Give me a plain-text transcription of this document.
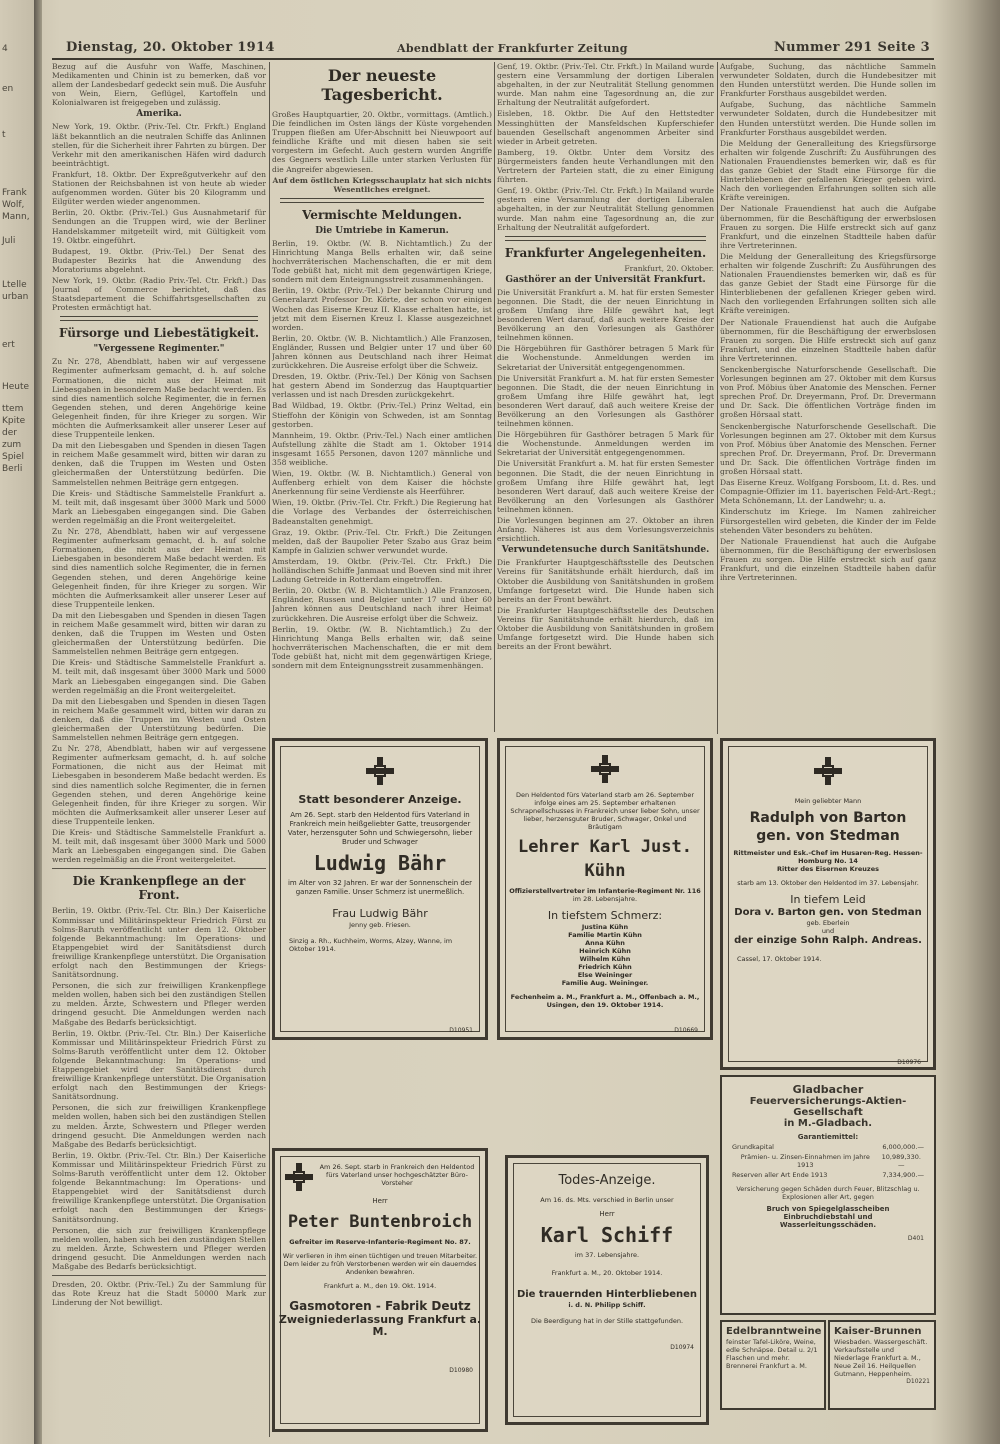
4
en
t
Frank
Wolf,
Mann,
Juli
Ltelle
urban
ert
Heute
ttem
Kpite
der
zum
Spiel
Berli
Dienstag, 20. Oktober 1914	Abendblatt der Frankfurter Zeitung	Nummer 291 Seite 3

Bezug auf die Ausfuhr von Waffe, Maschinen, Medikamenten und Chinin ist zu bemerken, daß vor allem der Landesbedarf gedeckt sein muß. Die Ausfuhr von Wein, Eiern, Geflügel, Kartoffeln und Kolonialwaren ist freigegeben und zulässig.

Amerika.

New York, 19. Oktbr. (Priv.-Tel. Ctr. Frkft.) England läßt bekanntlich an die neutralen Schiffe das Anlinnen stellen, für die Sicherheit ihrer Fahrten zu bürgen. Der Verkehr mit den amerikanischen Häfen wird dadurch beeinträchtigt.

Frankfurt, 18. Oktbr. Der Expreßgutverkehr auf den Stationen der Reichsbahnen ist von heute ab wieder aufgenommen worden. Güter bis 20 Kilogramm und Eilgüter werden wieder angenommen.

Berlin, 20. Oktbr. (Priv.-Tel.) Gus Ausnahmetarif für Sendungen an die Truppen wird, wie der Berliner Handelskammer mitgeteilt wird, mit Gültigkeit vom 19. Oktbr. eingeführt.

Budapest, 19. Oktbr. (Priv.-Tel.) Der Senat des Budapester Bezirks hat die Anwendung des Moratoriums abgelehnt.

New York, 19. Oktbr. (Radio Priv.-Tel. Ctr. Frkft.) Das Journal of Commerce berichtet, daß das Staatsdepartement die Schiffahrtsgesellschaften zu Protesten ermächtigt hat.

Fürsorge und Liebestätigkeit.
"Vergessene Regimenter."

Zu Nr. 278, Abendblatt, haben wir auf vergessene Regimenter aufmerksam gemacht, d. h. auf solche Formationen, die nicht aus der Heimat mit Liebesgaben in besonderem Maße bedacht werden. Es sind dies namentlich solche Regimenter, die in fernen Gegenden stehen, und deren Angehörige keine Gelegenheit finden, für ihre Krieger zu sorgen. Wir möchten die Aufmerksamkeit aller unserer Leser auf diese Truppenteile lenken.

Da mit den Liebesgaben und Spenden in diesen Tagen in reichem Maße gesammelt wird, bitten wir daran zu denken, daß die Truppen im Westen und Osten gleichermaßen der Unterstützung bedürfen. Die Sammelstellen nehmen Beiträge gern entgegen.

Die Kreis- und Städtische Sammelstelle Frankfurt a. M. teilt mit, daß insgesamt über 3000 Mark und 5000 Mark an Liebesgaben eingegangen sind. Die Gaben werden regelmäßig an die Front weitergeleitet.

Zu Nr. 278, Abendblatt, haben wir auf vergessene Regimenter aufmerksam gemacht, d. h. auf solche Formationen, die nicht aus der Heimat mit Liebesgaben in besonderem Maße bedacht werden. Es sind dies namentlich solche Regimenter, die in fernen Gegenden stehen, und deren Angehörige keine Gelegenheit finden, für ihre Krieger zu sorgen. Wir möchten die Aufmerksamkeit aller unserer Leser auf diese Truppenteile lenken.

Da mit den Liebesgaben und Spenden in diesen Tagen in reichem Maße gesammelt wird, bitten wir daran zu denken, daß die Truppen im Westen und Osten gleichermaßen der Unterstützung bedürfen. Die Sammelstellen nehmen Beiträge gern entgegen.

Die Kreis- und Städtische Sammelstelle Frankfurt a. M. teilt mit, daß insgesamt über 3000 Mark und 5000 Mark an Liebesgaben eingegangen sind. Die Gaben werden regelmäßig an die Front weitergeleitet.

Da mit den Liebesgaben und Spenden in diesen Tagen in reichem Maße gesammelt wird, bitten wir daran zu denken, daß die Truppen im Westen und Osten gleichermaßen der Unterstützung bedürfen. Die Sammelstellen nehmen Beiträge gern entgegen.

Zu Nr. 278, Abendblatt, haben wir auf vergessene Regimenter aufmerksam gemacht, d. h. auf solche Formationen, die nicht aus der Heimat mit Liebesgaben in besonderem Maße bedacht werden. Es sind dies namentlich solche Regimenter, die in fernen Gegenden stehen, und deren Angehörige keine Gelegenheit finden, für ihre Krieger zu sorgen. Wir möchten die Aufmerksamkeit aller unserer Leser auf diese Truppenteile lenken.

Die Kreis- und Städtische Sammelstelle Frankfurt a. M. teilt mit, daß insgesamt über 3000 Mark und 5000 Mark an Liebesgaben eingegangen sind. Die Gaben werden regelmäßig an die Front weitergeleitet.

Die Krankenpflege an der Front.

Berlin, 19. Oktbr. (Priv.-Tel. Ctr. Bln.) Der Kaiserliche Kommissar und Militärinspekteur Friedrich Fürst zu Solms-Baruth veröffentlicht unter dem 12. Oktober folgende Bekanntmachung: Im Operations- und Etappengebiet wird der Sanitätsdienst durch freiwillige Krankenpflege unterstützt. Die Organisation erfolgt nach den Bestimmungen der Kriegs-Sanitätsordnung.

Personen, die sich zur freiwilligen Krankenpflege melden wollen, haben sich bei den zuständigen Stellen zu melden. Ärzte, Schwestern und Pfleger werden dringend gesucht. Die Anmeldungen werden nach Maßgabe des Bedarfs berücksichtigt.

Berlin, 19. Oktbr. (Priv.-Tel. Ctr. Bln.) Der Kaiserliche Kommissar und Militärinspekteur Friedrich Fürst zu Solms-Baruth veröffentlicht unter dem 12. Oktober folgende Bekanntmachung: Im Operations- und Etappengebiet wird der Sanitätsdienst durch freiwillige Krankenpflege unterstützt. Die Organisation erfolgt nach den Bestimmungen der Kriegs-Sanitätsordnung.

Personen, die sich zur freiwilligen Krankenpflege melden wollen, haben sich bei den zuständigen Stellen zu melden. Ärzte, Schwestern und Pfleger werden dringend gesucht. Die Anmeldungen werden nach Maßgabe des Bedarfs berücksichtigt.

Berlin, 19. Oktbr. (Priv.-Tel. Ctr. Bln.) Der Kaiserliche Kommissar und Militärinspekteur Friedrich Fürst zu Solms-Baruth veröffentlicht unter dem 12. Oktober folgende Bekanntmachung: Im Operations- und Etappengebiet wird der Sanitätsdienst durch freiwillige Krankenpflege unterstützt. Die Organisation erfolgt nach den Bestimmungen der Kriegs-Sanitätsordnung.

Personen, die sich zur freiwilligen Krankenpflege melden wollen, haben sich bei den zuständigen Stellen zu melden. Ärzte, Schwestern und Pfleger werden dringend gesucht. Die Anmeldungen werden nach Maßgabe des Bedarfs berücksichtigt.

Dresden, 20. Oktbr. (Priv.-Tel.) Zu der Sammlung für das Rote Kreuz hat die Stadt 50000 Mark zur Linderung der Not bewilligt.

Der neueste Tagesbericht.

Großes Hauptquartier, 20. Oktbr., vormittags. (Amtlich.) Die feindlichen im Osten längs der Küste vorgehenden Truppen fließen am Ufer-Abschnitt bei Nieuwpoort auf feindliche Kräfte und mit diesen haben sie seit vorgestern im Gefecht. Auch gestern wurden Angriffe des Gegners westlich Lille unter starken Verlusten für die Angreifer abgewiesen.

Auf dem östlichen Kriegsschauplatz hat sich nichts Wesentliches ereignet.

Vermischte Meldungen.
Die Umtriebe in Kamerun.

Berlin, 19. Oktbr. (W. B. Nichtamtlich.) Zu der Hinrichtung Manga Bells erhalten wir, daß seine hochverräterischen Machenschaften, die er mit dem Tode gebüßt hat, nicht mit dem gegenwärtigen Kriege, sondern mit dem Enteignungsstreit zusammenhängen.

Berlin, 19. Oktbr. (Priv.-Tel.) Der bekannte Chirurg und Generalarzt Professor Dr. Körte, der schon vor einigen Wochen das Eiserne Kreuz II. Klasse erhalten hatte, ist jetzt mit dem Eisernen Kreuz I. Klasse ausgezeichnet worden.

Berlin, 20. Oktbr. (W. B. Nichtamtlich.) Alle Franzosen, Engländer, Russen und Belgier unter 17 und über 60 Jahren können aus Deutschland nach ihrer Heimat zurückkehren. Die Ausreise erfolgt über die Schweiz.

Dresden, 19. Oktbr. (Priv.-Tel.) Der König von Sachsen hat gestern Abend im Sonderzug das Hauptquartier verlassen und ist nach Dresden zurückgekehrt.

Bad Wildbad, 19. Oktbr. (Priv.-Tel.) Prinz Weltad, ein Stieffohn der Königin von Schweden, ist am Sonntag gestorben.

Mannheim, 19. Oktbr. (Priv.-Tel.) Nach einer amtlichen Aufstellung zählte die Stadt am 1. Oktober 1914 insgesamt 1655 Personen, davon 1207 männliche und 358 weibliche.

Wien, 19. Oktbr. (W. B. Nichtamtlich.) General von Auffenberg erhielt von dem Kaiser die höchste Anerkennung für seine Verdienste als Heerführer.

Wien, 19. Oktbr. (Priv.-Tel. Ctr. Frkft.) Die Regierung hat die Vorlage des Verbandes der österreichischen Badeanstalten genehmigt.

Graz, 19. Oktbr. (Priv.-Tel. Ctr. Frkft.) Die Zeitungen melden, daß der Baupolier Peter Szabo aus Graz beim Kampfe in Galizien schwer verwundet wurde.

Amsterdam, 19. Oktbr. (Priv.-Tel. Ctr. Frkft.) Die holländischen Schiffe Janmaat und Boeven sind mit ihrer Ladung Getreide in Rotterdam eingetroffen.

Berlin, 20. Oktbr. (W. B. Nichtamtlich.) Alle Franzosen, Engländer, Russen und Belgier unter 17 und über 60 Jahren können aus Deutschland nach ihrer Heimat zurückkehren. Die Ausreise erfolgt über die Schweiz.

Berlin, 19. Oktbr. (W. B. Nichtamtlich.) Zu der Hinrichtung Manga Bells erhalten wir, daß seine hochverräterischen Machenschaften, die er mit dem Tode gebüßt hat, nicht mit dem gegenwärtigen Kriege, sondern mit dem Enteignungsstreit zusammenhängen.

Genf, 19. Oktbr. (Priv.-Tel. Ctr. Frkft.) In Mailand wurde gestern eine Versammlung der dortigen Liberalen abgehalten, in der zur Neutralität Stellung genommen wurde. Man nahm eine Tagesordnung an, die zur Erhaltung der Neutralität aufgefordert.

Eisleben, 18. Oktbr. Die Auf den Hettstedter Messinghütten der Mansfeldschen Kupferschiefer bauenden Gesellschaft angenommen Arbeiter sind wieder in Arbeit getreten.

Bamberg, 19. Oktbr. Unter dem Vorsitz des Bürgermeisters fanden heute Verhandlungen mit den Vertretern der Parteien statt, die zu einer Einigung führten.

Genf, 19. Oktbr. (Priv.-Tel. Ctr. Frkft.) In Mailand wurde gestern eine Versammlung der dortigen Liberalen abgehalten, in der zur Neutralität Stellung genommen wurde. Man nahm eine Tagesordnung an, die zur Erhaltung der Neutralität aufgefordert.

Frankfurter Angelegenheiten.
Frankfurt, 20. Oktober.
Gasthörer an der Universität Frankfurt.

Die Universität Frankfurt a. M. hat für ersten Semester begonnen. Die Stadt, die der neuen Einrichtung in großem Umfang ihre Hilfe gewährt hat, legt besonderen Wert darauf, daß auch weitere Kreise der Bevölkerung an den Vorlesungen als Gasthörer teilnehmen können.

Die Hörgebühren für Gasthörer betragen 5 Mark für die Wochenstunde. Anmeldungen werden im Sekretariat der Universität entgegengenommen.

Die Universität Frankfurt a. M. hat für ersten Semester begonnen. Die Stadt, die der neuen Einrichtung in großem Umfang ihre Hilfe gewährt hat, legt besonderen Wert darauf, daß auch weitere Kreise der Bevölkerung an den Vorlesungen als Gasthörer teilnehmen können.

Die Hörgebühren für Gasthörer betragen 5 Mark für die Wochenstunde. Anmeldungen werden im Sekretariat der Universität entgegengenommen.

Die Universität Frankfurt a. M. hat für ersten Semester begonnen. Die Stadt, die der neuen Einrichtung in großem Umfang ihre Hilfe gewährt hat, legt besonderen Wert darauf, daß auch weitere Kreise der Bevölkerung an den Vorlesungen als Gasthörer teilnehmen können.

Die Vorlesungen beginnen am 27. Oktober an ihren Anfang. Näheres ist aus dem Vorlesungsverzeichnis ersichtlich.

Verwundetensuche durch Sanitätshunde.

Die Frankfurter Hauptgeschäftsstelle des Deutschen Vereins für Sanitätshunde erhält hierdurch, daß im Oktober die Ausbildung von Sanitätshunden in großem Umfange fortgesetzt wird. Die Hunde haben sich bereits an der Front bewährt.

Die Frankfurter Hauptgeschäftsstelle des Deutschen Vereins für Sanitätshunde erhält hierdurch, daß im Oktober die Ausbildung von Sanitätshunden in großem Umfange fortgesetzt wird. Die Hunde haben sich bereits an der Front bewährt.

Aufgabe, Suchung, das nächtliche Sammeln verwundeter Soldaten, durch die Hundebesitzer mit den Hunden unterstützt werden. Die Hunde sollen im Frankfurter Forsthaus ausgebildet werden.

Aufgabe, Suchung, das nächtliche Sammeln verwundeter Soldaten, durch die Hundebesitzer mit den Hunden unterstützt werden. Die Hunde sollen im Frankfurter Forsthaus ausgebildet werden.

Die Meldung der Generalleitung des Kriegsfürsorge erhalten wir folgende Zuschrift: Zu Ausführungen des Nationalen Frauendienstes bemerken wir, daß es für das ganze Gebiet der Stadt eine Fürsorge für die Hinterbliebenen der gefallenen Krieger geben wird. Nach den vorliegenden Erfahrungen sollten sich alle Kräfte vereinigen.

Der Nationale Frauendienst hat auch die Aufgabe übernommen, für die Beschäftigung der erwerbslosen Frauen zu sorgen. Die Hilfe erstreckt sich auf ganz Frankfurt, und die einzelnen Stadtteile haben dafür ihre Vertreterinnen.

Die Meldung der Generalleitung des Kriegsfürsorge erhalten wir folgende Zuschrift: Zu Ausführungen des Nationalen Frauendienstes bemerken wir, daß es für das ganze Gebiet der Stadt eine Fürsorge für die Hinterbliebenen der gefallenen Krieger geben wird. Nach den vorliegenden Erfahrungen sollten sich alle Kräfte vereinigen.

Der Nationale Frauendienst hat auch die Aufgabe übernommen, für die Beschäftigung der erwerbslosen Frauen zu sorgen. Die Hilfe erstreckt sich auf ganz Frankfurt, und die einzelnen Stadtteile haben dafür ihre Vertreterinnen.

Senckenbergische Naturforschende Gesellschaft. Die Vorlesungen beginnen am 27. Oktober mit dem Kursus von Prof. Möbius über Anatomie des Menschen. Ferner sprechen Prof. Dr. Dreyermann, Prof. Dr. Drevermann und Dr. Sack. Die öffentlichen Vorträge finden im großen Hörsaal statt.

Senckenbergische Naturforschende Gesellschaft. Die Vorlesungen beginnen am 27. Oktober mit dem Kursus von Prof. Möbius über Anatomie des Menschen. Ferner sprechen Prof. Dr. Dreyermann, Prof. Dr. Drevermann und Dr. Sack. Die öffentlichen Vorträge finden im großen Hörsaal statt.

Das Eiserne Kreuz. Wolfgang Forsboom, Lt. d. Res. und Compagnie-Offizier im 11. bayerischen Feld-Art.-Regt.; Meta Schönemann, Lt. der Landwehr; u. a.

Kinderschutz im Kriege. Im Namen zahlreicher Fürsorgestellen wird gebeten, die Kinder der im Felde stehenden Väter besonders zu behüten.

Der Nationale Frauendienst hat auch die Aufgabe übernommen, für die Beschäftigung der erwerbslosen Frauen zu sorgen. Die Hilfe erstreckt sich auf ganz Frankfurt, und die einzelnen Stadtteile haben dafür ihre Vertreterinnen.

Statt besonderer Anzeige.
Am 26. Sept. starb den Heldentod fürs Vaterland in Frankreich mein heißgeliebter Gatte, treusorgender Vater, herzensguter Sohn und Schwiegersohn, lieber Bruder und Schwager
Ludwig Bähr
im Alter von 32 Jahren. Er war der Sonnenschein der ganzen Familie. Unser Schmerz ist unermeßlich.
Frau Ludwig Bähr
Jenny geb. Friesen.
Sinzig a. Rh., Kuchheim, Worms, Alzey, Wanne, im Oktober 1914.
D10951
Den Heldentod fürs Vaterland starb am 26. September infolge eines am 25. September erhaltenen Schrapnellschusses in Frankreich unser lieber Sohn, unser lieber, herzensguter Bruder, Schwager, Onkel und Bräutigam
Lehrer Karl Just. Kühn
Offizierstellvertreter im Infanterie-Regiment Nr. 116
im 28. Lebensjahre.
In tiefstem Schmerz:
Justina Kühn
Familie Martin Kühn
Anna Kühn
Heinrich Kühn
Wilhelm Kühn
Friedrich Kühn
Else Weininger
Familie Aug. Weininger.
Fechenheim a. M., Frankfurt a. M., Offenbach a. M., Usingen, den 19. Oktober 1914.
D10669
Mein geliebter Mann
Radulph von Barton
gen. von Stedman
Rittmeister und Esk.-Chef im Husaren-Reg. Hessen-Homburg No. 14
Ritter des Eisernen Kreuzes
starb am 13. Oktober den Heldentod im 37. Lebensjahr.
In tiefem Leid
Dora v. Barton gen. von Stedman
geb. Eberlein
und
der einzige Sohn Ralph. Andreas.
Cassel, 17. Oktober 1914.
D10976
Am 26. Sept. starb in Frankreich den Heldentod fürs Vaterland unser hochgeschätzter Büro-Vorsteher
Herr
Peter Buntenbroich
Gefreiter im Reserve-Infanterie-Regiment No. 87.
Wir verlieren in ihm einen tüchtigen und treuen Mitarbeiter. Dem leider zu früh Verstorbenen werden wir ein dauerndes Andenken bewahren.
Frankfurt a. M., den 19. Okt. 1914.
Gasmotoren - Fabrik Deutz
Zweigniederlassung Frankfurt a. M.
D10980
Todes-Anzeige.
Am 16. ds. Mts. verschied in Berlin unser
Herr
Karl Schiff
im 37. Lebensjahre.
Frankfurt a. M., 20. Oktober 1914.
Die trauernden Hinterbliebenen
i. d. N. Philipp Schiff.
Die Beerdigung hat in der Stille stattgefunden.
D10974
Gladbacher
Feuerversicherungs-Aktien-Gesellschaft
in M.-Gladbach.
Garantiemittel:
Grundkapital	6,000,000.—
Prämien- u. Zinsen-Einnahmen im Jahre 1913
10,989,330.—
Reserven aller Art Ende 1913	7,334,900.—
Versicherung gegen Schäden durch Feuer, Blitzschlag u. Explosionen aller Art, gegen
Bruch von Spiegelglasscheiben
Einbruchdiebstahl und
Wasserleitungsschäden.
D401
Edelbranntweine
feinster Tafel-Liköre, Weine, edle Schnäpse. Detail u. 2/1 Flaschen und mehr. Brennerei Frankfurt a. M.
Kaiser-Brunnen
Wiesbaden. Wassergeschäft. Verkaufsstelle und Niederlage Frankfurt a. M., Neue Zeil 16. Heilquellen Gutmann, Heppenheim.
D10221
